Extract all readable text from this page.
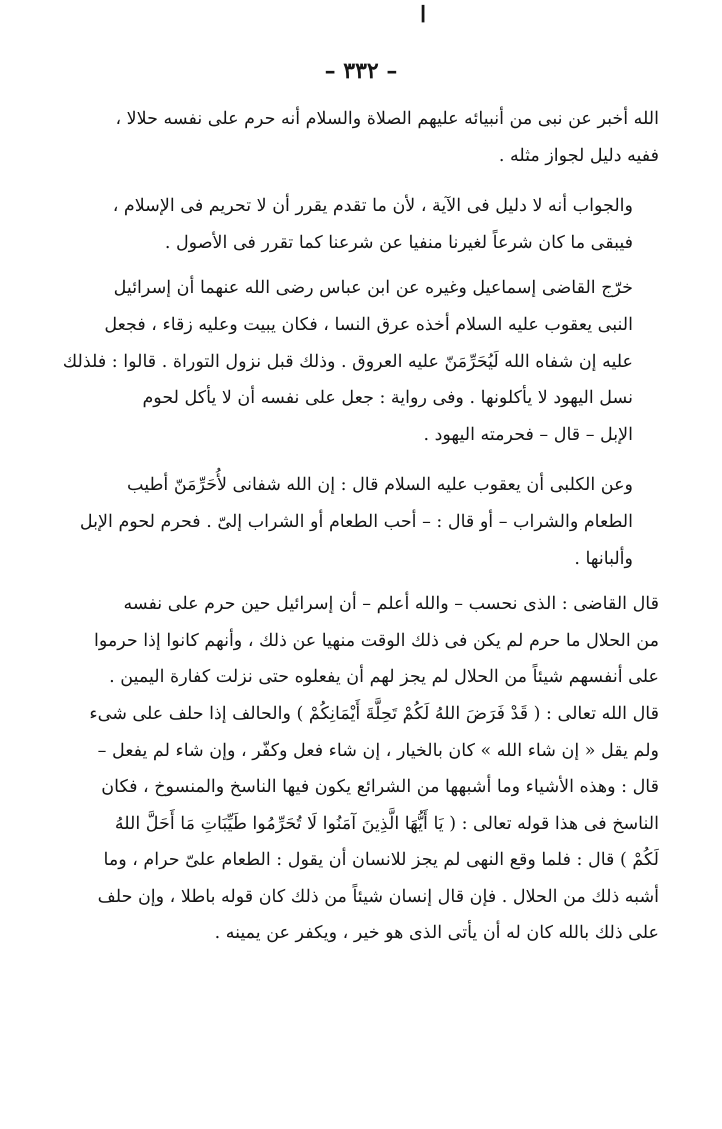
ا
– ٣٣٢ –

الله أخبر عن نبى من أنبيائه عليهم الصلاة والسلام أنه حرم على نفسه حلالا ،
ففيه دليل لجواز مثله .

والجواب أنه لا دليل فى الآية ، لأن ما تقدم يقرر أن لا تحريم فى الإسلام ،
فيبقى ما كان شرعاً لغيرنا منفيا عن شرعنا كما تقرر فى الأصول .

خرّج القاضى إسماعيل وغيره عن ابن عباس رضى الله عنهما أن إسرائيل
النبى يعقوب عليه السلام أخذه عرق النسا ، فكان يبيت وعليه زقاء ، فجعل
عليه إن شفاه الله لَيُحَرِّمَنّ عليه العروق . وذلك قبل نزول التوراة . قالوا : فلذلك
نسل اليهود لا يأكلونها . وفى رواية : جعل على نفسه أن لا يأكل لحوم
الإبل – قال – فحرمته اليهود .

وعن الكلبى أن يعقوب عليه السلام قال : إن الله شفانى لأُحَرِّمَنّ أطيب
الطعام والشراب – أو قال : – أحب الطعام أو الشراب إلىّ . فحرم لحوم الإبل
وألبانها .

قال القاضى : الذى نحسب – والله أعلم – أن إسرائيل حين حرم على نفسه
من الحلال ما حرم لم يكن فى ذلك الوقت منهيا عن ذلك ، وأنهم كانوا إذا حرموا
على أنفسهم شيئاً من الحلال لم يجز لهم أن يفعلوه حتى نزلت كفارة اليمين .
قال الله تعالى : ( قَدْ فَرَضَ اللهُ لَكُمْ تَحِلَّةَ أَيْمَانِكُمْ ) والحالف إذا حلف على شىء
ولم يقل « إن شاء الله » كان بالخيار ، إن شاء فعل وكفّر ، وإن شاء لم يفعل –
قال : وهذه الأشياء وما أشبهها من الشرائع يكون فيها الناسخ والمنسوخ ، فكان
الناسخ فى هذا قوله تعالى : ( يَا أَيُّهَا الَّذِينَ آمَنُوا لَا تُحَرِّمُوا طَيِّبَاتِ مَا أَحَلَّ اللهُ
لَكُمْ ) قال : فلما وقع النهى لم يجز للانسان أن يقول : الطعام علىّ حرام ، وما
أشبه ذلك من الحلال . فإن قال إنسان شيئاً من ذلك كان قوله باطلا ، وإن حلف
على ذلك بالله كان له أن يأتى الذى هو خير ، ويكفر عن يمينه .
